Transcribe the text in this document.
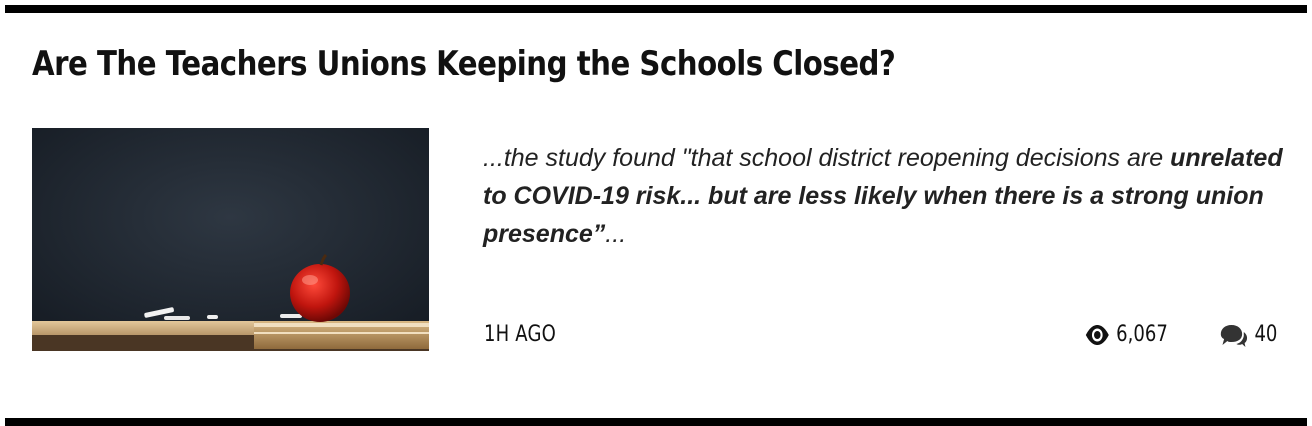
Are The Teachers Unions Keeping the Schools Closed?

...the study found "that school district reopening decisions are unrelated to COVID-19 risk... but are less likely when there is a strong union presence”...

1H AGO	6,067	40
